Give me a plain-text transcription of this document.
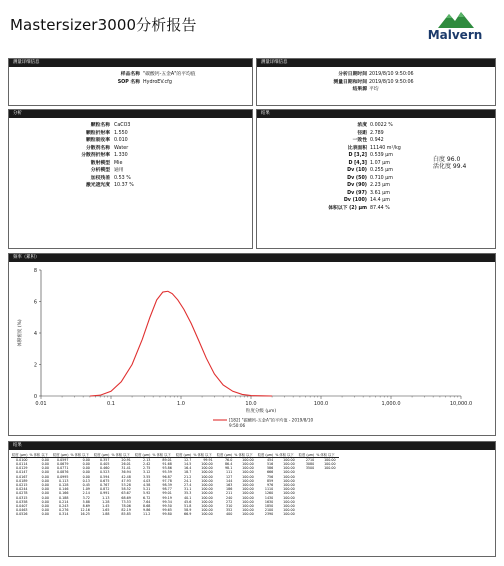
Mastersizer3000分析报告
Malvern
测量详细信息
样品名称 "碳酸钙-五金A"的平均值
SOP 名称 HydroEV.cfg
测量详细信息
分析日期时间 2019/8/10 9:50:06
测量日期和时间 2019/8/10 9:50:06
结果源 平均
分析
颗粒名称 CaCO3
颗粒折射率 1.550
颗粒吸收率 0.010
分散剂名称 Water
分散剂折射率 1.330
散射模型 Mie
分析模型 通用
加权残差 0.53 %
激光遮光度 10.37 %
结果
浓度 0.0022 %
径距 2.789
一致性 0.942
比表面积 11140 m²/kg
D [3,2] 0.539 μm
D [4,3] 1.07 μm
Dv (10) 0.255 μm
Dv (50) 0.710 μm
Dv (90) 2.23 μm
Dv (97) 3.61 μm
Dv (100) 14.4 μm
体积以下 (2) μm 87.44 %
白度 96.0
活化度 99.4
频率（累积）
0
2
4
6
8
0.01	0.1	1.0	10.0	100.0	1,000.0	10,000.0
体积密度 (%)
粒度分级 (μm)
[182] "碳酸钙-五金A"的平均值 - 2019/8/10
9:50:06
结果
粒度 (μm)	% 体积 以下	粒度 (μm)	% 体积 以下	粒度 (μm)	% 体积 以下	粒度 (μm)	% 体积 以下	粒度 (μm)	% 体积 以下	粒度 (μm)	% 体积 以下	粒度 (μm)	% 体积 以下	粒度 (μm)	% 体积 以下
0.0100	0.00	0.0597	0.00	0.357	20.91	2.13	89.01	12.7	99.91	76.0	100.00	454	100.00	2710	100.00
0.0114	0.00	0.0679	0.00	0.405	26.01	2.42	91.68	14.5	100.00	86.4	100.00	516	100.00	3080	100.00
0.0129	0.00	0.0771	0.00	0.460	31.41	2.75	93.86	16.4	100.00	98.1	100.00	586	100.00	3500	100.00
0.0147	0.00	0.0876	0.00	0.523	36.94	3.12	95.59	18.7	100.00	111	100.00	666	100.00		
0.0167	0.00	0.0995	0.00	0.594	42.48	3.55	96.87	21.2	100.00	127	100.00	756	100.00		
0.0189	0.00	0.113	0.13	0.675	47.93	4.03	97.78	24.1	100.00	144	100.00	859	100.00		
0.0215	0.00	0.128	0.45	0.767	53.28	4.58	98.39	27.4	100.00	163	100.00	976	100.00		
0.0244	0.00	0.146	1.09	0.872	58.52	5.21	98.77	31.1	100.00	186	100.00	1110	100.00		
0.0278	0.00	0.166	2.14	0.991	63.67	5.92	99.01	35.3	100.00	211	100.00	1260	100.00		
0.0315	0.00	0.188	3.72	1.13	68.69	6.72	99.19	40.1	100.00	240	100.00	1430	100.00		
0.0358	0.00	0.214	5.88	1.28	73.53	7.64	99.34	45.6	100.00	272	100.00	1630	100.00		
0.0407	0.00	0.243	8.69	1.45	78.06	8.68	99.50	51.8	100.00	310	100.00	1850	100.00		
0.0463	0.00	0.276	12.16	1.65	82.19	9.86	99.65	58.9	100.00	352	100.00	2100	100.00		
0.0526	0.00	0.314	16.25	1.88	85.85	11.2	99.80	66.9	100.00	400	100.00	2390	100.00		
